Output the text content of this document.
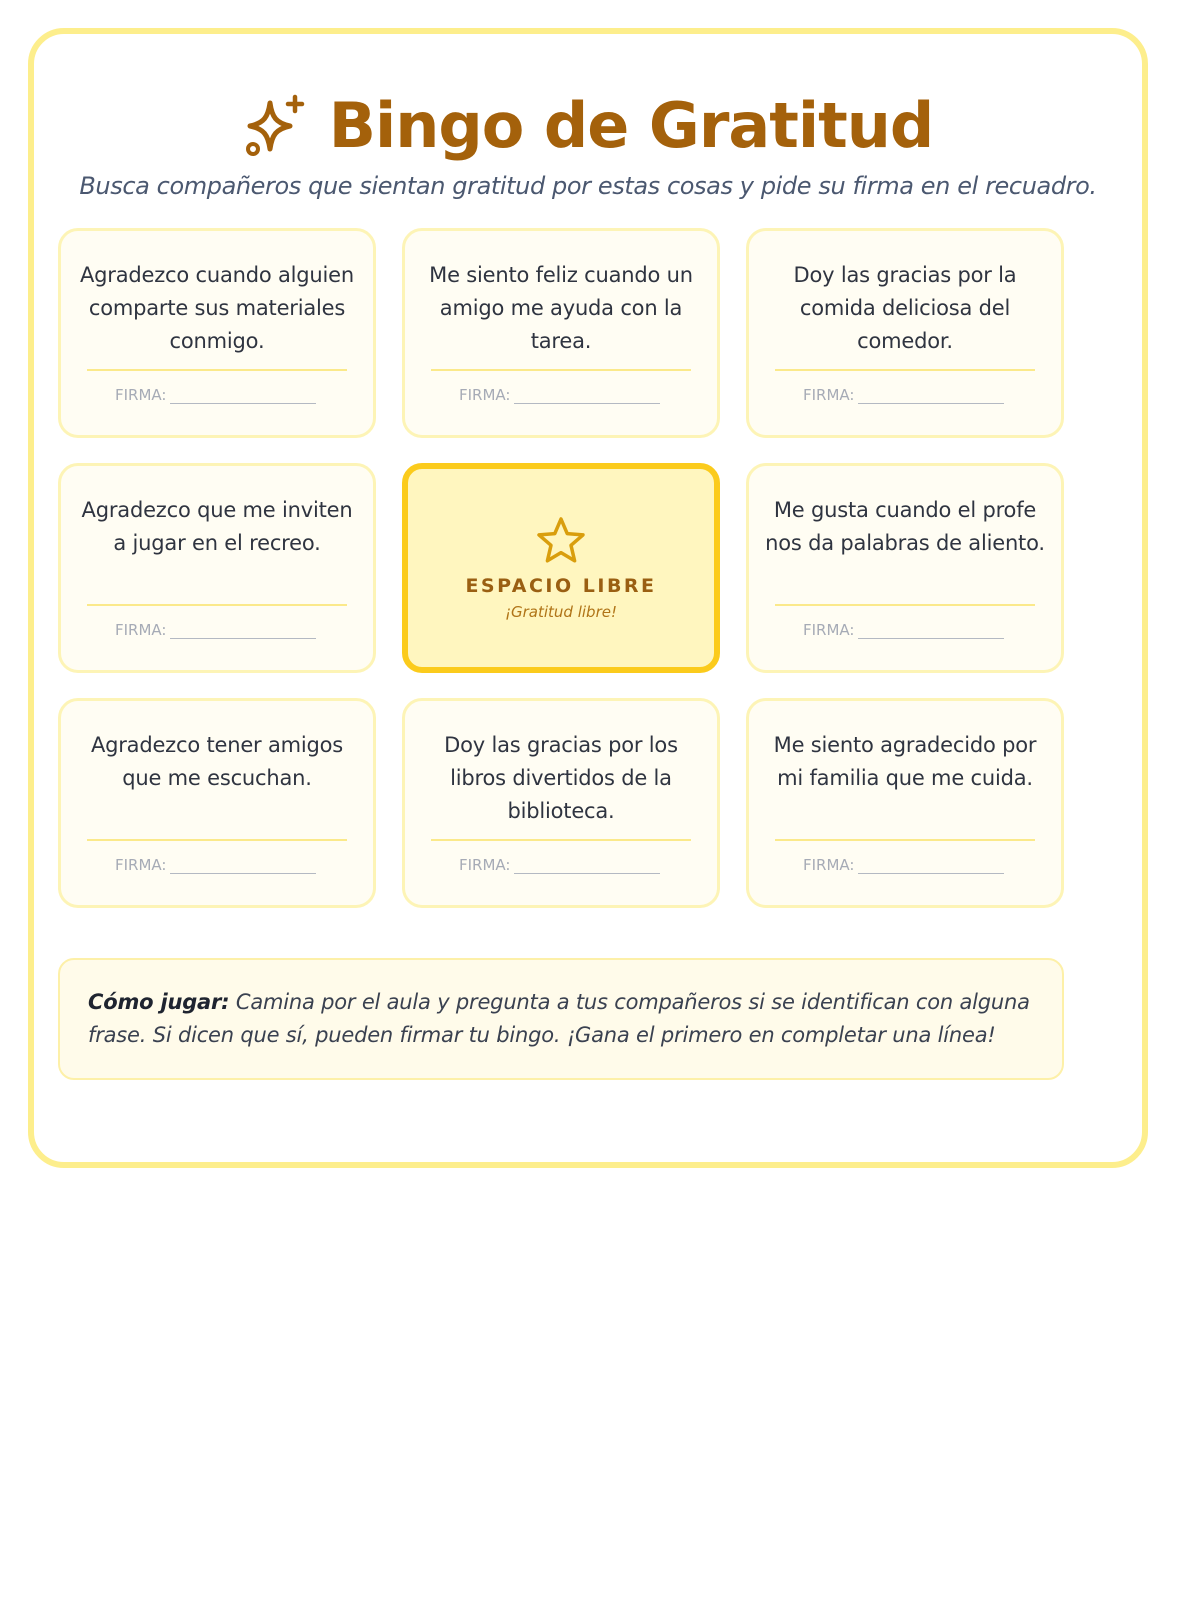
Bingo de Gratitud
Busca compañeros que sientan gratitud por estas cosas y pide su firma en el recuadro.
Agradezco cuando alguien comparte sus materiales conmigo.
FIRMA:
Me siento feliz cuando un amigo me ayuda con la tarea.
FIRMA:
Doy las gracias por la comida deliciosa del comedor.
FIRMA:
Agradezco que me inviten a jugar en el recreo.
FIRMA:
ESPACIO LIBRE
¡Gratitud libre!
Me gusta cuando el profe nos da palabras de aliento.
FIRMA:
Agradezco tener amigos que me escuchan.
FIRMA:
Doy las gracias por los libros divertidos de la biblioteca.
FIRMA:
Me siento agradecido por mi familia que me cuida.
FIRMA:
Cómo jugar: Camina por el aula y pregunta a tus compañeros si se identifican con alguna frase. Si dicen que sí, pueden firmar tu bingo. ¡Gana el primero en completar una línea!
